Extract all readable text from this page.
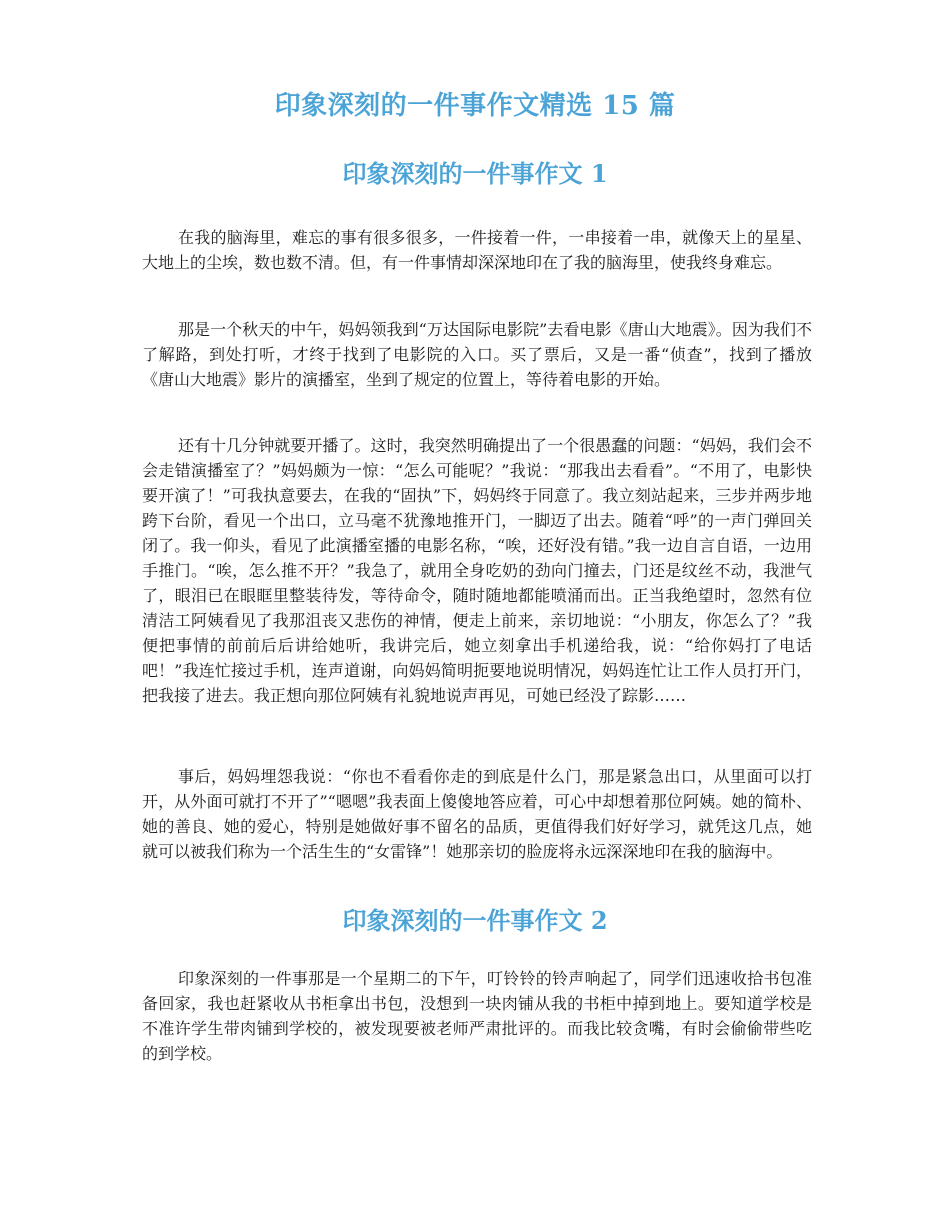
印象深刻的一件事作文精选 15 篇
印象深刻的一件事作文 1

在我的脑海里，难忘的事有很多很多，一件接着一件，一串接着一串，就像天上的星星、大地上的尘埃，数也数不清。但，有一件事情却深深地印在了我的脑海里，使我终身难忘。

那是一个秋天的中午，妈妈领我到“万达国际电影院”去看电影《唐山大地震》。因为我们不了解路，到处打听，才终于找到了电影院的入口。买了票后，又是一番“侦查”，找到了播放《唐山大地震》影片的演播室，坐到了规定的位置上，等待着电影的开始。

还有十几分钟就要开播了。这时，我突然明确提出了一个很愚蠢的问题：“妈妈，我们会不会走错演播室了？”妈妈颇为一惊：“怎么可能呢？”我说：“那我出去看看”。“不用了，电影快要开演了！”可我执意要去，在我的“固执”下，妈妈终于同意了。我立刻站起来，三步并两步地跨下台阶，看见一个出口，立马毫不犹豫地推开门，一脚迈了出去。随着“呼”的一声门弹回关闭了。我一仰头，看见了此演播室播的电影名称，“唉，还好没有错。”我一边自言自语，一边用手推门。“唉，怎么推不开？”我急了，就用全身吃奶的劲向门撞去，门还是纹丝不动，我泄气了，眼泪已在眼眶里整装待发，等待命令，随时随地都能喷涌而出。正当我绝望时，忽然有位清洁工阿姨看见了我那沮丧又悲伤的神情，便走上前来，亲切地说：“小朋友，你怎么了？”我便把事情的前前后后讲给她听，我讲完后，她立刻拿出手机递给我，说：“给你妈打了电话吧！”我连忙接过手机，连声道谢，向妈妈简明扼要地说明情况，妈妈连忙让工作人员打开门，把我接了进去。我正想向那位阿姨有礼貌地说声再见，可她已经没了踪影……

事后，妈妈埋怨我说：“你也不看看你走的到底是什么门，那是紧急出口，从里面可以打开，从外面可就打不开了”“嗯嗯”我表面上傻傻地答应着，可心中却想着那位阿姨。她的简朴、她的善良、她的爱心，特别是她做好事不留名的品质，更值得我们好好学习，就凭这几点，她就可以被我们称为一个活生生的“女雷锋”！她那亲切的脸庞将永远深深地印在我的脑海中。

印象深刻的一件事作文 2

印象深刻的一件事那是一个星期二的下午，叮铃铃的铃声响起了，同学们迅速收拾书包准备回家，我也赶紧收从书柜拿出书包，没想到一块肉铺从我的书柜中掉到地上。要知道学校是不准许学生带肉铺到学校的，被发现要被老师严肃批评的。而我比较贪嘴，有时会偷偷带些吃的到学校。
